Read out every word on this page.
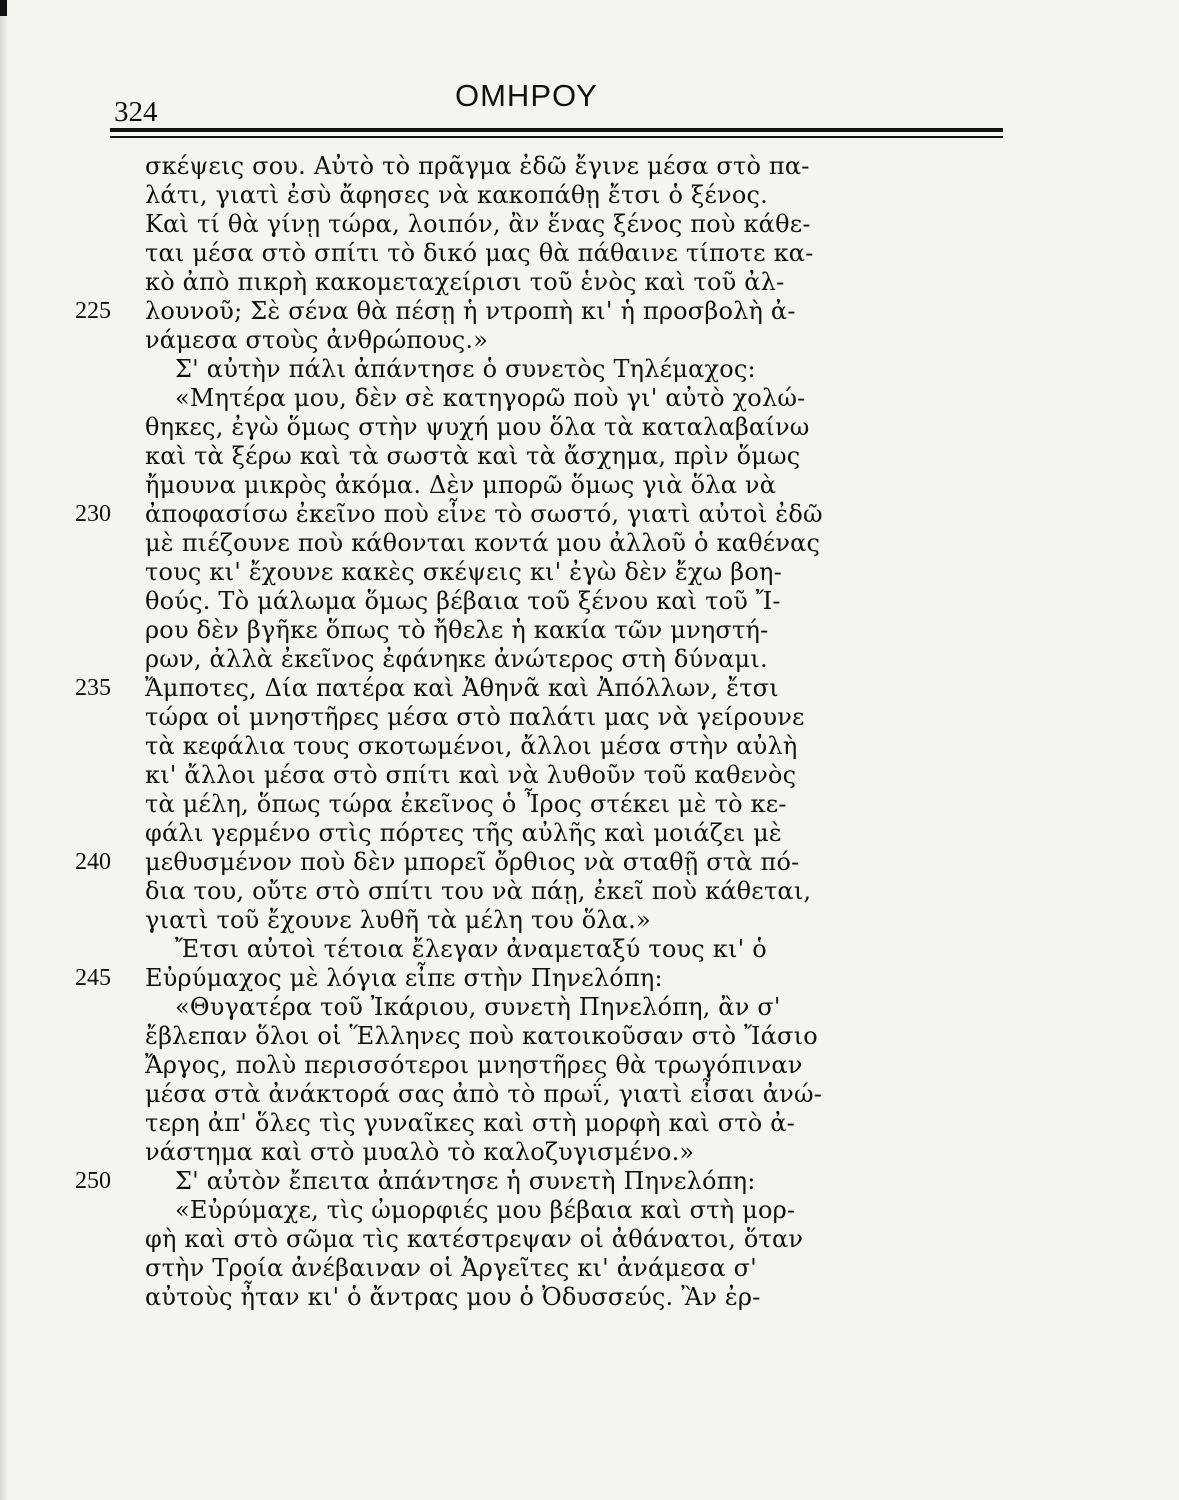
324	ΟΜΗΡΟΥ
σκέψεις σου. Αὐτὸ τὸ πρᾶγμα ἐδῶ ἔγινε μέσα στὸ πα-
λάτι, γιατὶ ἐσὺ ἄφησες νὰ κακοπάθῃ ἔτσι ὁ ξένος.
Καὶ τί θὰ γίνῃ τώρα, λοιπόν, ἂν ἕνας ξένος ποὺ κάθε-
ται μέσα στὸ σπίτι τὸ δικό μας θὰ πάθαινε τίποτε κα-
κὸ ἀπὸ πικρὴ κακομεταχείρισι τοῦ ἑνὸς καὶ τοῦ ἀλ-
225	λουνοῦ; Σὲ σένα θὰ πέσῃ ἡ ντροπὴ κι' ἡ προσβολὴ ἀ-
νάμεσα στοὺς ἀνθρώπους.»
Σ' αὐτὴν πάλι ἀπάντησε ὁ συνετὸς Τηλέμαχος:
«Μητέρα μου, δὲν σὲ κατηγορῶ ποὺ γι' αὐτὸ χολώ-
θηκες, ἐγὼ ὅμως στὴν ψυχή μου ὅλα τὰ καταλαβαίνω
καὶ τὰ ξέρω καὶ τὰ σωστὰ καὶ τὰ ἄσχημα, πρὶν ὅμως
ἤμουνα μικρὸς ἀκόμα. Δὲν μπορῶ ὅμως γιὰ ὅλα νὰ
230	ἀποφασίσω ἐκεῖνο ποὺ εἶνε τὸ σωστό, γιατὶ αὐτοὶ ἐδῶ
μὲ πιέζουνε ποὺ κάθονται κοντά μου ἀλλοῦ ὁ καθένας
τους κι' ἔχουνε κακὲς σκέψεις κι' ἐγὼ δὲν ἔχω βοη-
θούς. Τὸ μάλωμα ὅμως βέβαια τοῦ ξένου καὶ τοῦ Ἴ-
ρου δὲν βγῆκε ὅπως τὸ ἤθελε ἡ κακία τῶν μνηστή-
ρων, ἀλλὰ ἐκεῖνος ἐφάνηκε ἀνώτερος στὴ δύναμι.
235	Ἄμποτες, Δία πατέρα καὶ Ἀθηνᾶ καὶ Ἀπόλλων, ἔτσι
τώρα οἱ μνηστῆρες μέσα στὸ παλάτι μας νὰ γείρουνε
τὰ κεφάλια τους σκοτωμένοι, ἄλλοι μέσα στὴν αὐλὴ
κι' ἄλλοι μέσα στὸ σπίτι καὶ νὰ λυθοῦν τοῦ καθενὸς
τὰ μέλη, ὅπως τώρα ἐκεῖνος ὁ Ἶρος στέκει μὲ τὸ κε-
φάλι γερμένο στὶς πόρτες τῆς αὐλῆς καὶ μοιάζει μὲ
240	μεθυσμένον ποὺ δὲν μπορεῖ ὄρθιος νὰ σταθῇ στὰ πό-
δια του, οὔτε στὸ σπίτι του νὰ πάῃ, ἐκεῖ ποὺ κάθεται,
γιατὶ τοῦ ἔχουνε λυθῆ τὰ μέλη του ὅλα.»
Ἔτσι αὐτοὶ τέτοια ἔλεγαν ἀναμεταξύ τους κι' ὁ
245	Εὐρύμαχος μὲ λόγια εἶπε στὴν Πηνελόπη:
«Θυγατέρα τοῦ Ἰκάριου, συνετὴ Πηνελόπη, ἂν σ'
ἔβλεπαν ὅλοι οἱ Ἕλληνες ποὺ κατοικοῦσαν στὸ Ἴάσιο
Ἄργος, πολὺ περισσότεροι μνηστῆρες θὰ τρωγόπιναν
μέσα στὰ ἀνάκτορά σας ἀπὸ τὸ πρωΐ, γιατὶ εἶσαι ἀνώ-
τερη ἀπ' ὅλες τὶς γυναῖκες καὶ στὴ μορφὴ καὶ στὸ ἀ-
νάστημα καὶ στὸ μυαλὸ τὸ καλοζυγισμένο.»
250	Σ' αὐτὸν ἔπειτα ἀπάντησε ἡ συνετὴ Πηνελόπη:
«Εὐρύμαχε, τὶς ὠμορφιές μου βέβαια καὶ στὴ μορ-
φὴ καὶ στὸ σῶμα τὶς κατέστρεψαν οἱ ἀθάνατοι, ὅταν
στὴν Τροία ἀνέβαιναν οἱ Ἀργεῖτες κι' ἀνάμεσα σ'
αὐτοὺς ἦταν κι' ὁ ἄντρας μου ὁ Ὀδυσσεύς. Ἂν ἐρ-
